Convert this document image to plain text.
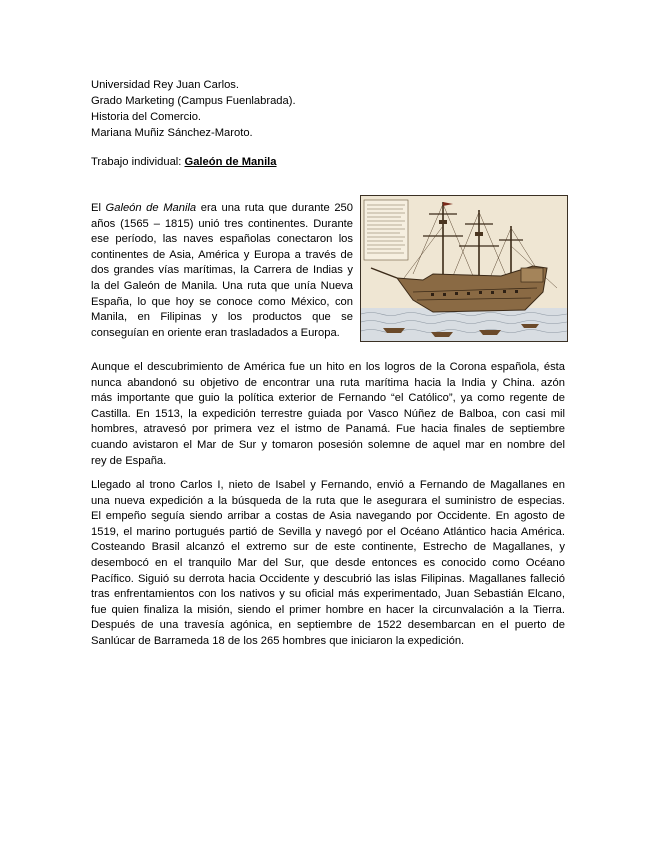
Universidad Rey Juan Carlos.
Grado Marketing (Campus Fuenlabrada).
Historia del Comercio.
Mariana Muñiz Sánchez-Maroto.
Trabajo individual: Galeón de Manila
El Galeón de Manila era una ruta que durante 250
años (1565 – 1815) unió tres continentes. Durante
ese período, las naves españolas conectaron los
continentes de Asia, América y Europa a través de
dos grandes vías marítimas, la Carrera de Indias y
la del Galeón de Manila. Una ruta que unía Nueva
España, lo que hoy se conoce como México, con
Manila, en Filipinas y los productos que se
conseguían en oriente eran trasladados a Europa.
Aunque el descubrimiento de América fue un hito en los logros de la Corona española, ésta
nunca abandonó su objetivo de encontrar una ruta marítima hacia la India y China. azón
más importante que guio la política exterior de Fernando “el Católico”, ya como regente de
Castilla. En 1513, la expedición terrestre guiada por Vasco Núñez de Balboa, con casi mil
hombres, atravesó por primera vez el istmo de Panamá. Fue hacia finales de septiembre
cuando avistaron el Mar de Sur y tomaron posesión solemne de aquel mar en nombre del
rey de España.
Llegado al trono Carlos I, nieto de Isabel y Fernando, envió a Fernando de Magallanes en
una nueva expedición a la búsqueda de la ruta que le asegurara el suministro de especias.
El empeño seguía siendo arribar a costas de Asia navegando por Occidente. En agosto de
1519, el marino portugués partió de Sevilla y navegó por el Océano Atlántico hacia América.
Costeando Brasil alcanzó el extremo sur de este continente, Estrecho de Magallanes, y
desembocó en el tranquilo Mar del Sur, que desde entonces es conocido como Océano
Pacífico. Siguió su derrota hacia Occidente y descubrió las islas Filipinas. Magallanes falleció
tras enfrentamientos con los nativos y su oficial más experimentado, Juan Sebastián Elcano,
fue quien finaliza la misión, siendo el primer hombre en hacer la circunvalación a la Tierra.
Después de una travesía agónica, en septiembre de 1522 desembarcan en el puerto de
Sanlúcar de Barrameda 18 de los 265 hombres que iniciaron la expedición.
